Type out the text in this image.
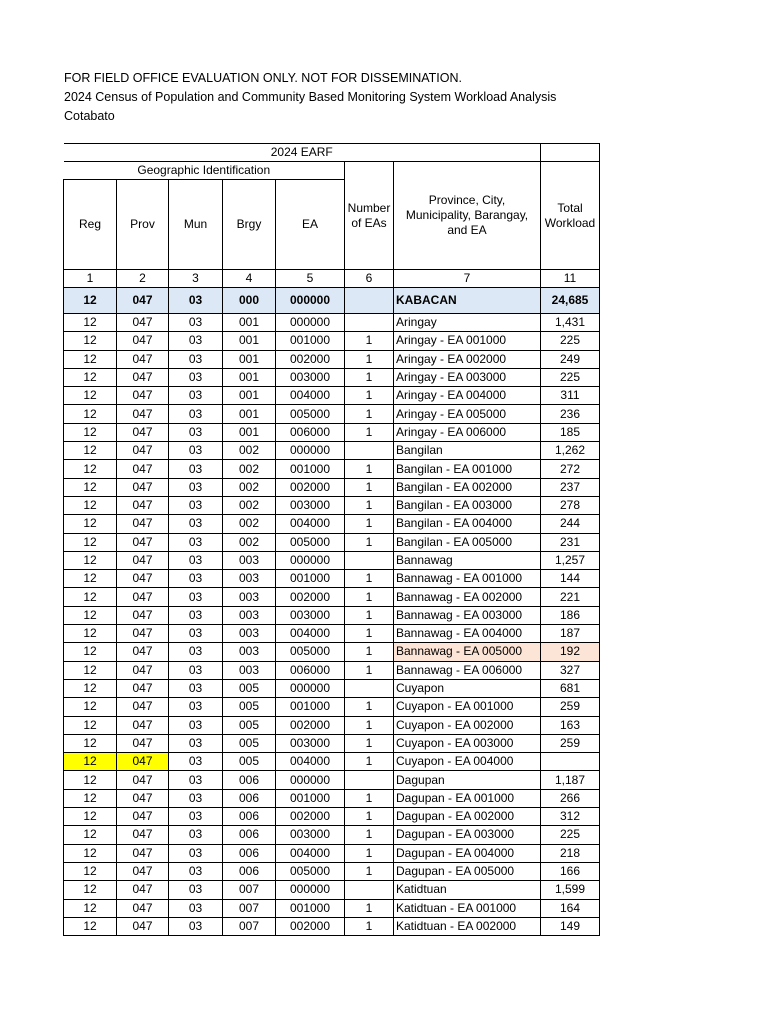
FOR FIELD OFFICE EVALUATION ONLY. NOT FOR DISSEMINATION.
2024 Census of Population and Community Based Monitoring System Workload Analysis
Cotabato
2024 EARF							
Geographic Identification					Number of EAs	Province, City, Municipality, Barangay, and EA	Total Workload
Reg	Prov	Mun	Brgy	EA			
1	2	3	4	5	6	7	11
12	047	03	000	000000		KABACAN	24,685
12	047	03	001	000000		Aringay	1,431
12	047	03	001	001000	1	Aringay - EA 001000	225
12	047	03	001	002000	1	Aringay - EA 002000	249
12	047	03	001	003000	1	Aringay - EA 003000	225
12	047	03	001	004000	1	Aringay - EA 004000	311
12	047	03	001	005000	1	Aringay - EA 005000	236
12	047	03	001	006000	1	Aringay - EA 006000	185
12	047	03	002	000000		Bangilan	1,262
12	047	03	002	001000	1	Bangilan - EA 001000	272
12	047	03	002	002000	1	Bangilan - EA 002000	237
12	047	03	002	003000	1	Bangilan - EA 003000	278
12	047	03	002	004000	1	Bangilan - EA 004000	244
12	047	03	002	005000	1	Bangilan - EA 005000	231
12	047	03	003	000000		Bannawag	1,257
12	047	03	003	001000	1	Bannawag - EA 001000	144
12	047	03	003	002000	1	Bannawag - EA 002000	221
12	047	03	003	003000	1	Bannawag - EA 003000	186
12	047	03	003	004000	1	Bannawag - EA 004000	187
12	047	03	003	005000	1	Bannawag - EA 005000	192
12	047	03	003	006000	1	Bannawag - EA 006000	327
12	047	03	005	000000		Cuyapon	681
12	047	03	005	001000	1	Cuyapon - EA 001000	259
12	047	03	005	002000	1	Cuyapon - EA 002000	163
12	047	03	005	003000	1	Cuyapon - EA 003000	259
12	047	03	005	004000	1	Cuyapon - EA 004000	
12	047	03	006	000000		Dagupan	1,187
12	047	03	006	001000	1	Dagupan - EA 001000	266
12	047	03	006	002000	1	Dagupan - EA 002000	312
12	047	03	006	003000	1	Dagupan - EA 003000	225
12	047	03	006	004000	1	Dagupan - EA 004000	218
12	047	03	006	005000	1	Dagupan - EA 005000	166
12	047	03	007	000000		Katidtuan	1,599
12	047	03	007	001000	1	Katidtuan - EA 001000	164
12	047	03	007	002000	1	Katidtuan - EA 002000	149
